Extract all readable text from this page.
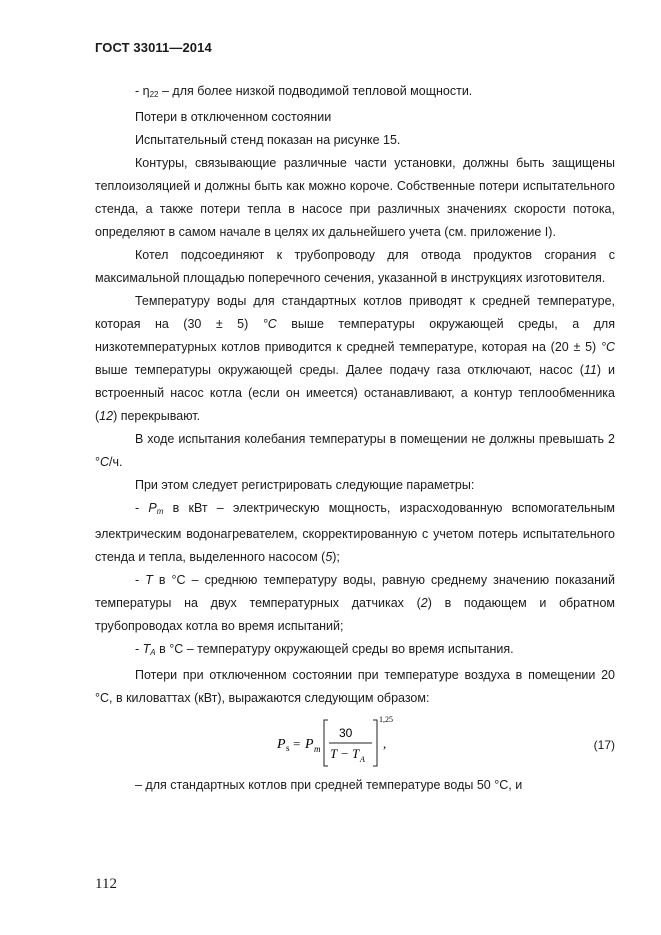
ГОСТ 33011—2014

- $\eta_{22}$ – для более низкой подводимой тепловой мощности.

Потери в отключенном состоянии

Испытательный стенд показан на рисунке 15.

Контуры, связывающие различные части установки, должны быть защищены теплоизоляцией и должны быть как можно короче. Собственные потери испытательного стенда, а также потери тепла в насосе при различных значениях скорости потока, определяют в самом начале в целях их дальнейшего учета (см. приложение I).

Котел подсоединяют к трубопроводу для отвода продуктов сгорания с максимальной площадью поперечного сечения, указанной в инструкциях изготовителя.

Температуру воды для стандартных котлов приводят к средней температуре, которая на (30 ± 5) °C выше температуры окружающей среды, а для низкотемпературных котлов приводится к средней температуре, которая на (20 ± 5) °C выше температуры окружающей среды. Далее подачу газа отключают, насос (11) и встроенный насос котла (если он имеется) останавливают, а контур теплообменника (12) перекрывают.

В ходе испытания колебания температуры в помещении не должны превышать 2 °C/ч.

При этом следует регистрировать следующие параметры:

- $P_m$ в кВт – электрическую мощность, израсходованную вспомогательным электрическим водонагревателем, скорректированную с учетом потерь испытательного стенда и тепла, выделенного насосом (5);

- T в °C – среднюю температуру воды, равную среднему значению показаний температуры на двух температурных датчиках (2) в подающем и обратном трубопроводах котла во время испытаний;

- $T_A$ в °С – температуру окружающей среды во время испытания.

Потери при отключенном состоянии при температуре воздуха в помещении 20 °С, в киловаттах (кВт), выражаются следующим образом:

P s = P m
30
T − T A
1,25
,	(17)

– для стандартных котлов при средней температуре воды 50 °С, и

112
